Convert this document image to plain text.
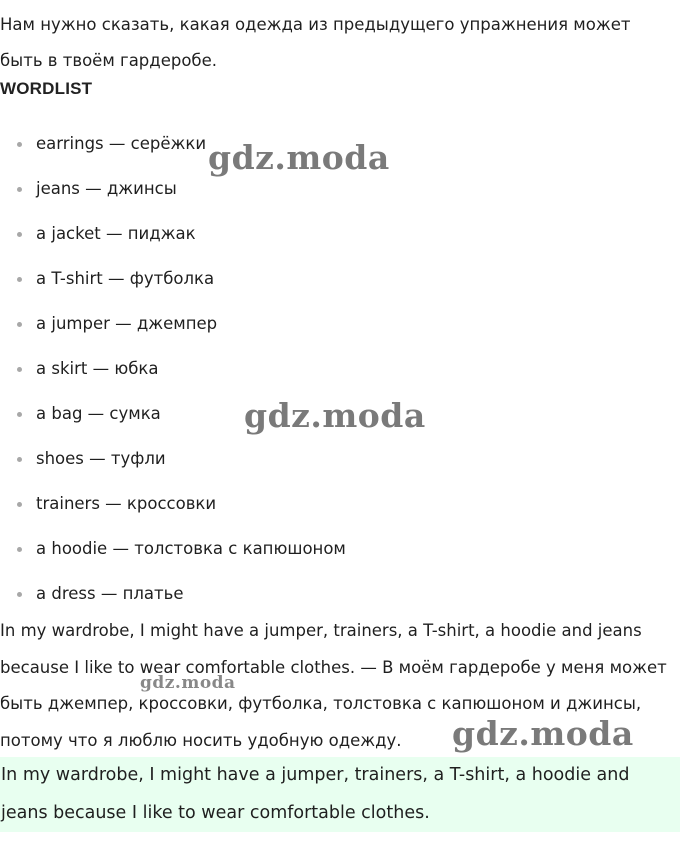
Нам нужно сказать, какая одежда из предыдущего упражнения может быть в твоём гардеробе.

WORDLIST
earrings — серёжки
jeans — джинсы
a jacket — пиджак
a T-shirt — футболка
a jumper — джемпер
a skirt — юбка
a bag — сумка
shoes — туфли
trainers — кроссовки
a hoodie — толстовка с капюшоном
a dress — платье

In my wardrobe, I might have a jumper, trainers, a T-shirt, a hoodie and jeans because I like to wear comfortable clothes. — В моём гардеробе у меня может быть джемпер, кроссовки, футболка, толстовка с капюшоном и джинсы, потому что я люблю носить удобную одежду.

In my wardrobe, I might have a jumper, trainers, a T-shirt, a hoodie and jeans because I like to wear comfortable clothes.

gdz.moda
gdz.moda
gdz.moda
gdz.moda
